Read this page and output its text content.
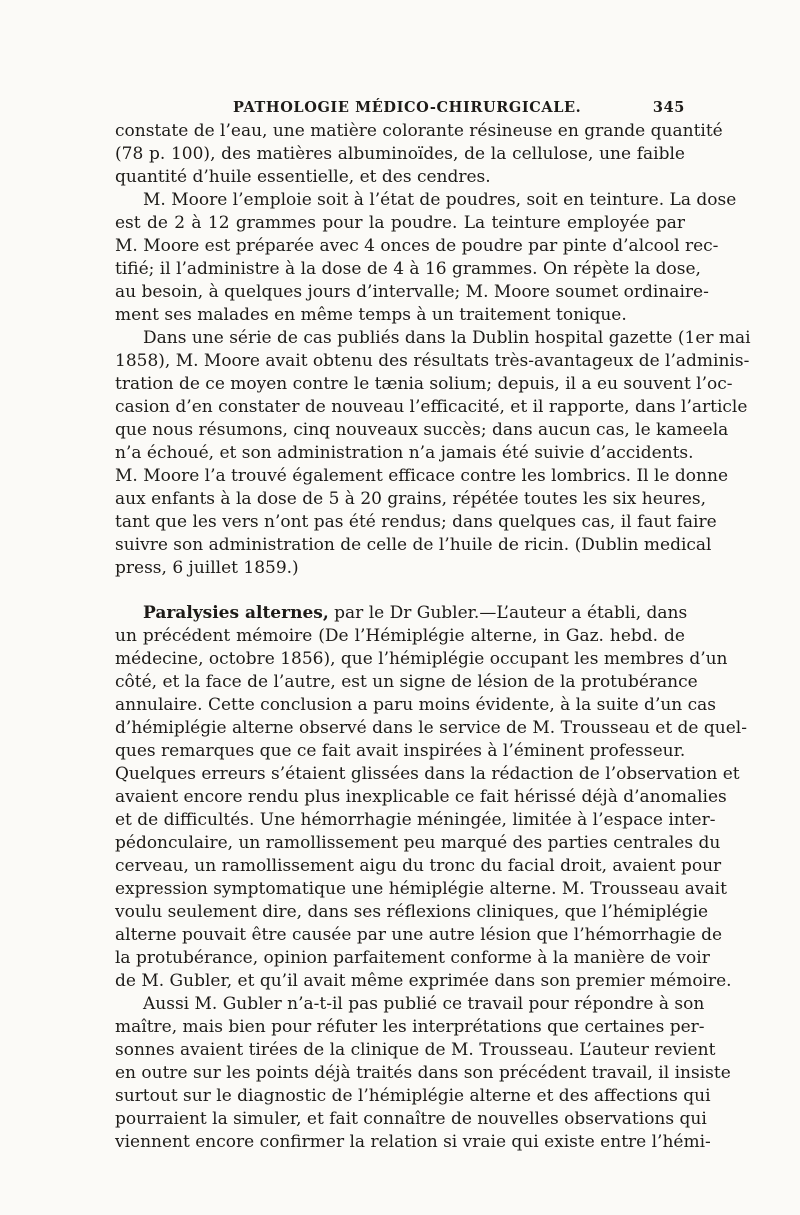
PATHOLOGIE MÉDICO-CHIRURGICALE.	345
constate de l’eau, une matière colorante résineuse en grande quantité
(78 p. 100), des matières albuminoïdes, de la cellulose, une faible
quantité d’huile essentielle, et des cendres.
M. Moore l’emploie soit à l’état de poudres, soit en teinture. La dose
est de 2 à 12 grammes pour la poudre. La teinture employée par
M. Moore est préparée avec 4 onces de poudre par pinte d’alcool rec-
tifié; il l’administre à la dose de 4 à 16 grammes. On répète la dose,
au besoin, à quelques jours d’intervalle; M. Moore soumet ordinaire-
ment ses malades en même temps à un traitement tonique.
Dans une série de cas publiés dans la Dublin hospital gazette (1er mai
1858), M. Moore avait obtenu des résultats très-avantageux de l’adminis-
tration de ce moyen contre le tænia solium; depuis, il a eu souvent l’oc-
casion d’en constater de nouveau l’efficacité, et il rapporte, dans l’article
que nous résumons, cinq nouveaux succès; dans aucun cas, le kameela
n’a échoué, et son administration n’a jamais été suivie d’accidents.
M. Moore l’a trouvé également efficace contre les lombrics. Il le donne
aux enfants à la dose de 5 à 20 grains, répétée toutes les six heures,
tant que les vers n’ont pas été rendus; dans quelques cas, il faut faire
suivre son administration de celle de l’huile de ricin. (Dublin medical
press, 6 juillet 1859.)
Paralysies alternes, par le Dr Gubler.—L’auteur a établi, dans
un précédent mémoire (De l’Hémiplégie alterne, in Gaz. hebd. de
médecine, octobre 1856), que l’hémiplégie occupant les membres d’un
côté, et la face de l’autre, est un signe de lésion de la protubérance
annulaire. Cette conclusion a paru moins évidente, à la suite d’un cas
d’hémiplégie alterne observé dans le service de M. Trousseau et de quel-
ques remarques que ce fait avait inspirées à l’éminent professeur.
Quelques erreurs s’étaient glissées dans la rédaction de l’observation et
avaient encore rendu plus inexplicable ce fait hérissé déjà d’anomalies
et de difficultés. Une hémorrhagie méningée, limitée à l’espace inter-
pédonculaire, un ramollissement peu marqué des parties centrales du
cerveau, un ramollissement aigu du tronc du facial droit, avaient pour
expression symptomatique une hémiplégie alterne. M. Trousseau avait
voulu seulement dire, dans ses réflexions cliniques, que l’hémiplégie
alterne pouvait être causée par une autre lésion que l’hémorrhagie de
la protubérance, opinion parfaitement conforme à la manière de voir
de M. Gubler, et qu’il avait même exprimée dans son premier mémoire.
Aussi M. Gubler n’a-t-il pas publié ce travail pour répondre à son
maître, mais bien pour réfuter les interprétations que certaines per-
sonnes avaient tirées de la clinique de M. Trousseau. L’auteur revient
en outre sur les points déjà traités dans son précédent travail, il insiste
surtout sur le diagnostic de l’hémiplégie alterne et des affections qui
pourraient la simuler, et fait connaître de nouvelles observations qui
viennent encore confirmer la relation si vraie qui existe entre l’hémi-
